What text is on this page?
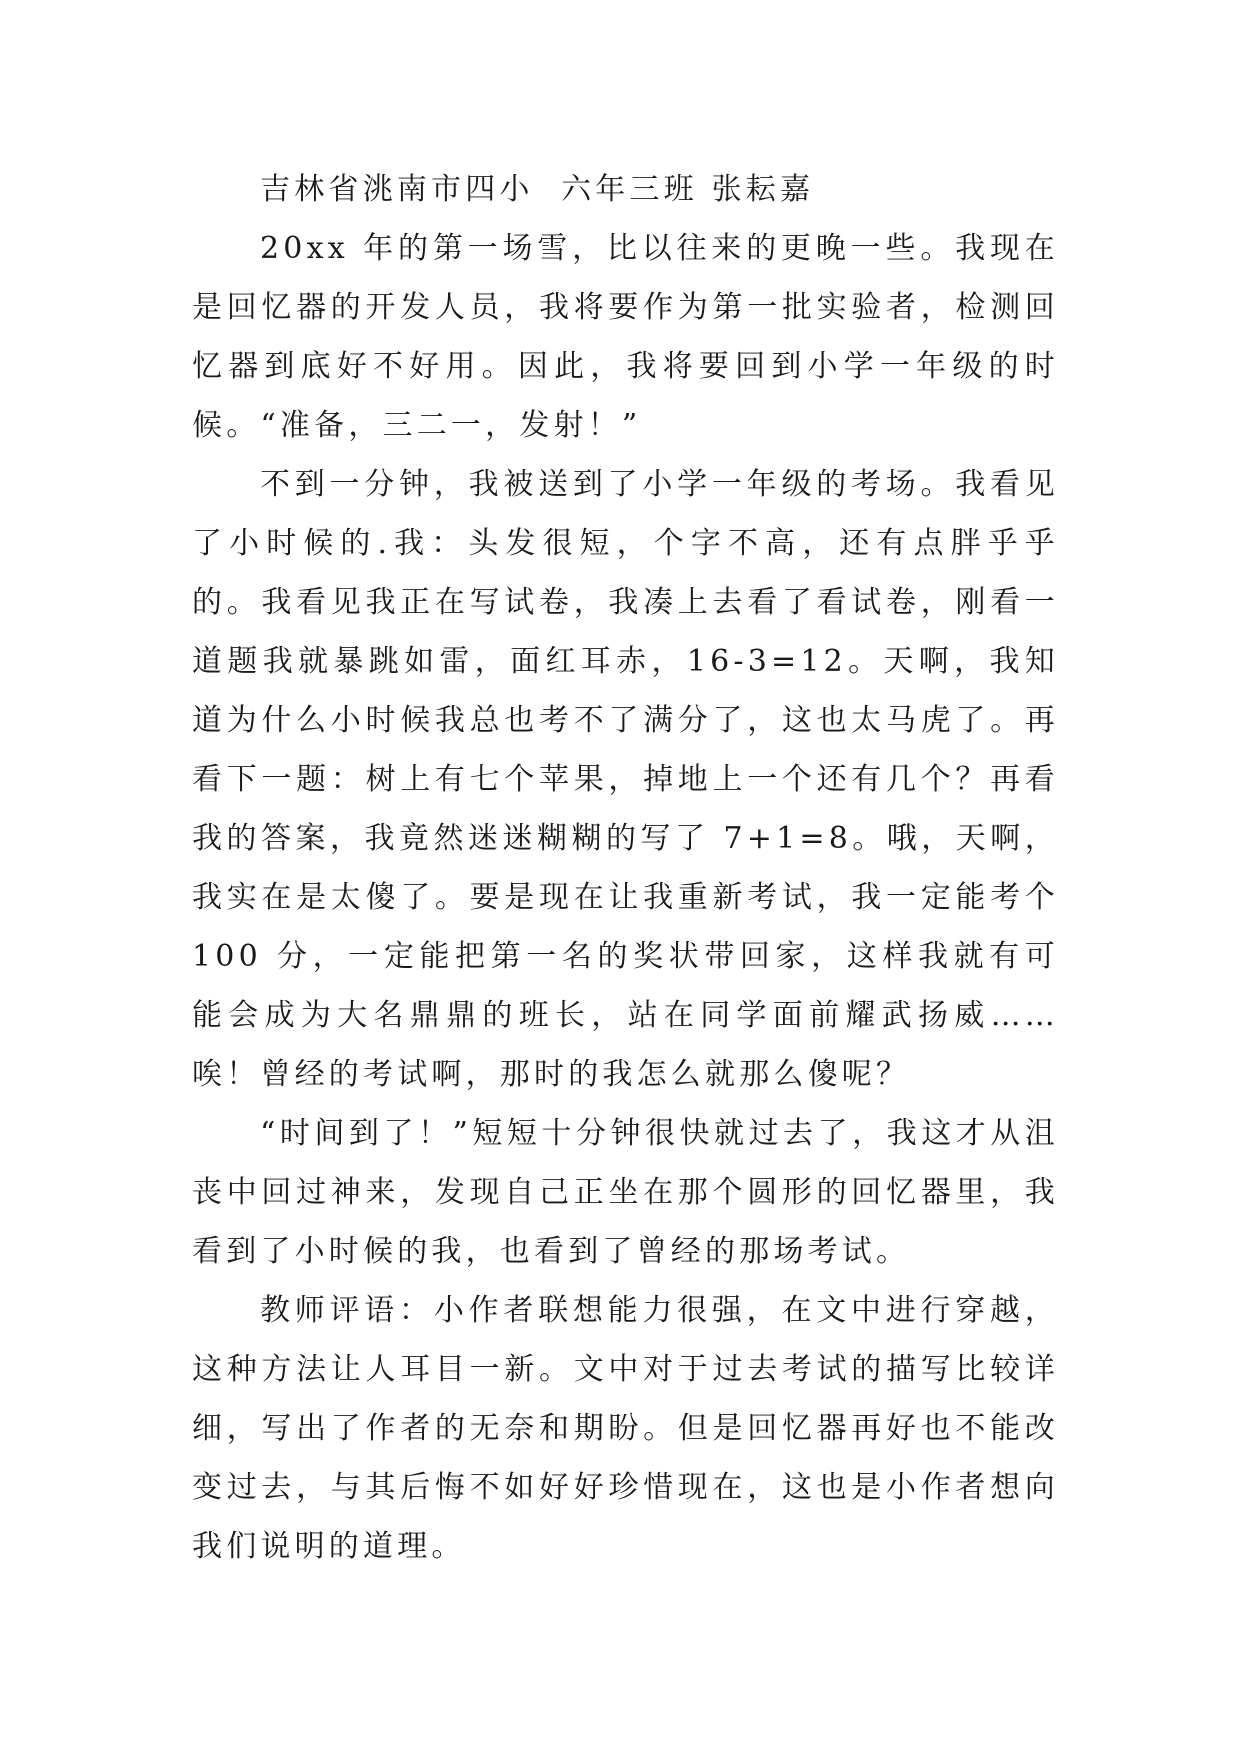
吉林省洮南市四小  六年三班 张耘嘉

20xx 年的第一场雪，比以往来的更晚一些。我现在是回忆器的开发人员，我将要作为第一批实验者，检测回忆器到底好不好用。因此，我将要回到小学一年级的时候。“准备，三二一，发射！”

不到一分钟，我被送到了小学一年级的考场。我看见了小时候的.我：头发很短，个字不高，还有点胖乎乎的。我看见我正在写试卷，我凑上去看了看试卷，刚看一道题我就暴跳如雷，面红耳赤，16-3=12。天啊，我知道为什么小时候我总也考不了满分了，这也太马虎了。再看下一题：树上有七个苹果，掉地上一个还有几个？再看我的答案，我竟然迷迷糊糊的写了 7+1=8。哦，天啊，我实在是太傻了。要是现在让我重新考试，我一定能考个 100 分，一定能把第一名的奖状带回家，这样我就有可能会成为大名鼎鼎的班长，站在同学面前耀武扬威……唉！曾经的考试啊，那时的我怎么就那么傻呢？

“时间到了！”短短十分钟很快就过去了，我这才从沮丧中回过神来，发现自己正坐在那个圆形的回忆器里，我看到了小时候的我，也看到了曾经的那场考试。

教师评语：小作者联想能力很强，在文中进行穿越，这种方法让人耳目一新。文中对于过去考试的描写比较详细，写出了作者的无奈和期盼。但是回忆器再好也不能改变过去，与其后悔不如好好珍惜现在，这也是小作者想向我们说明的道理。
